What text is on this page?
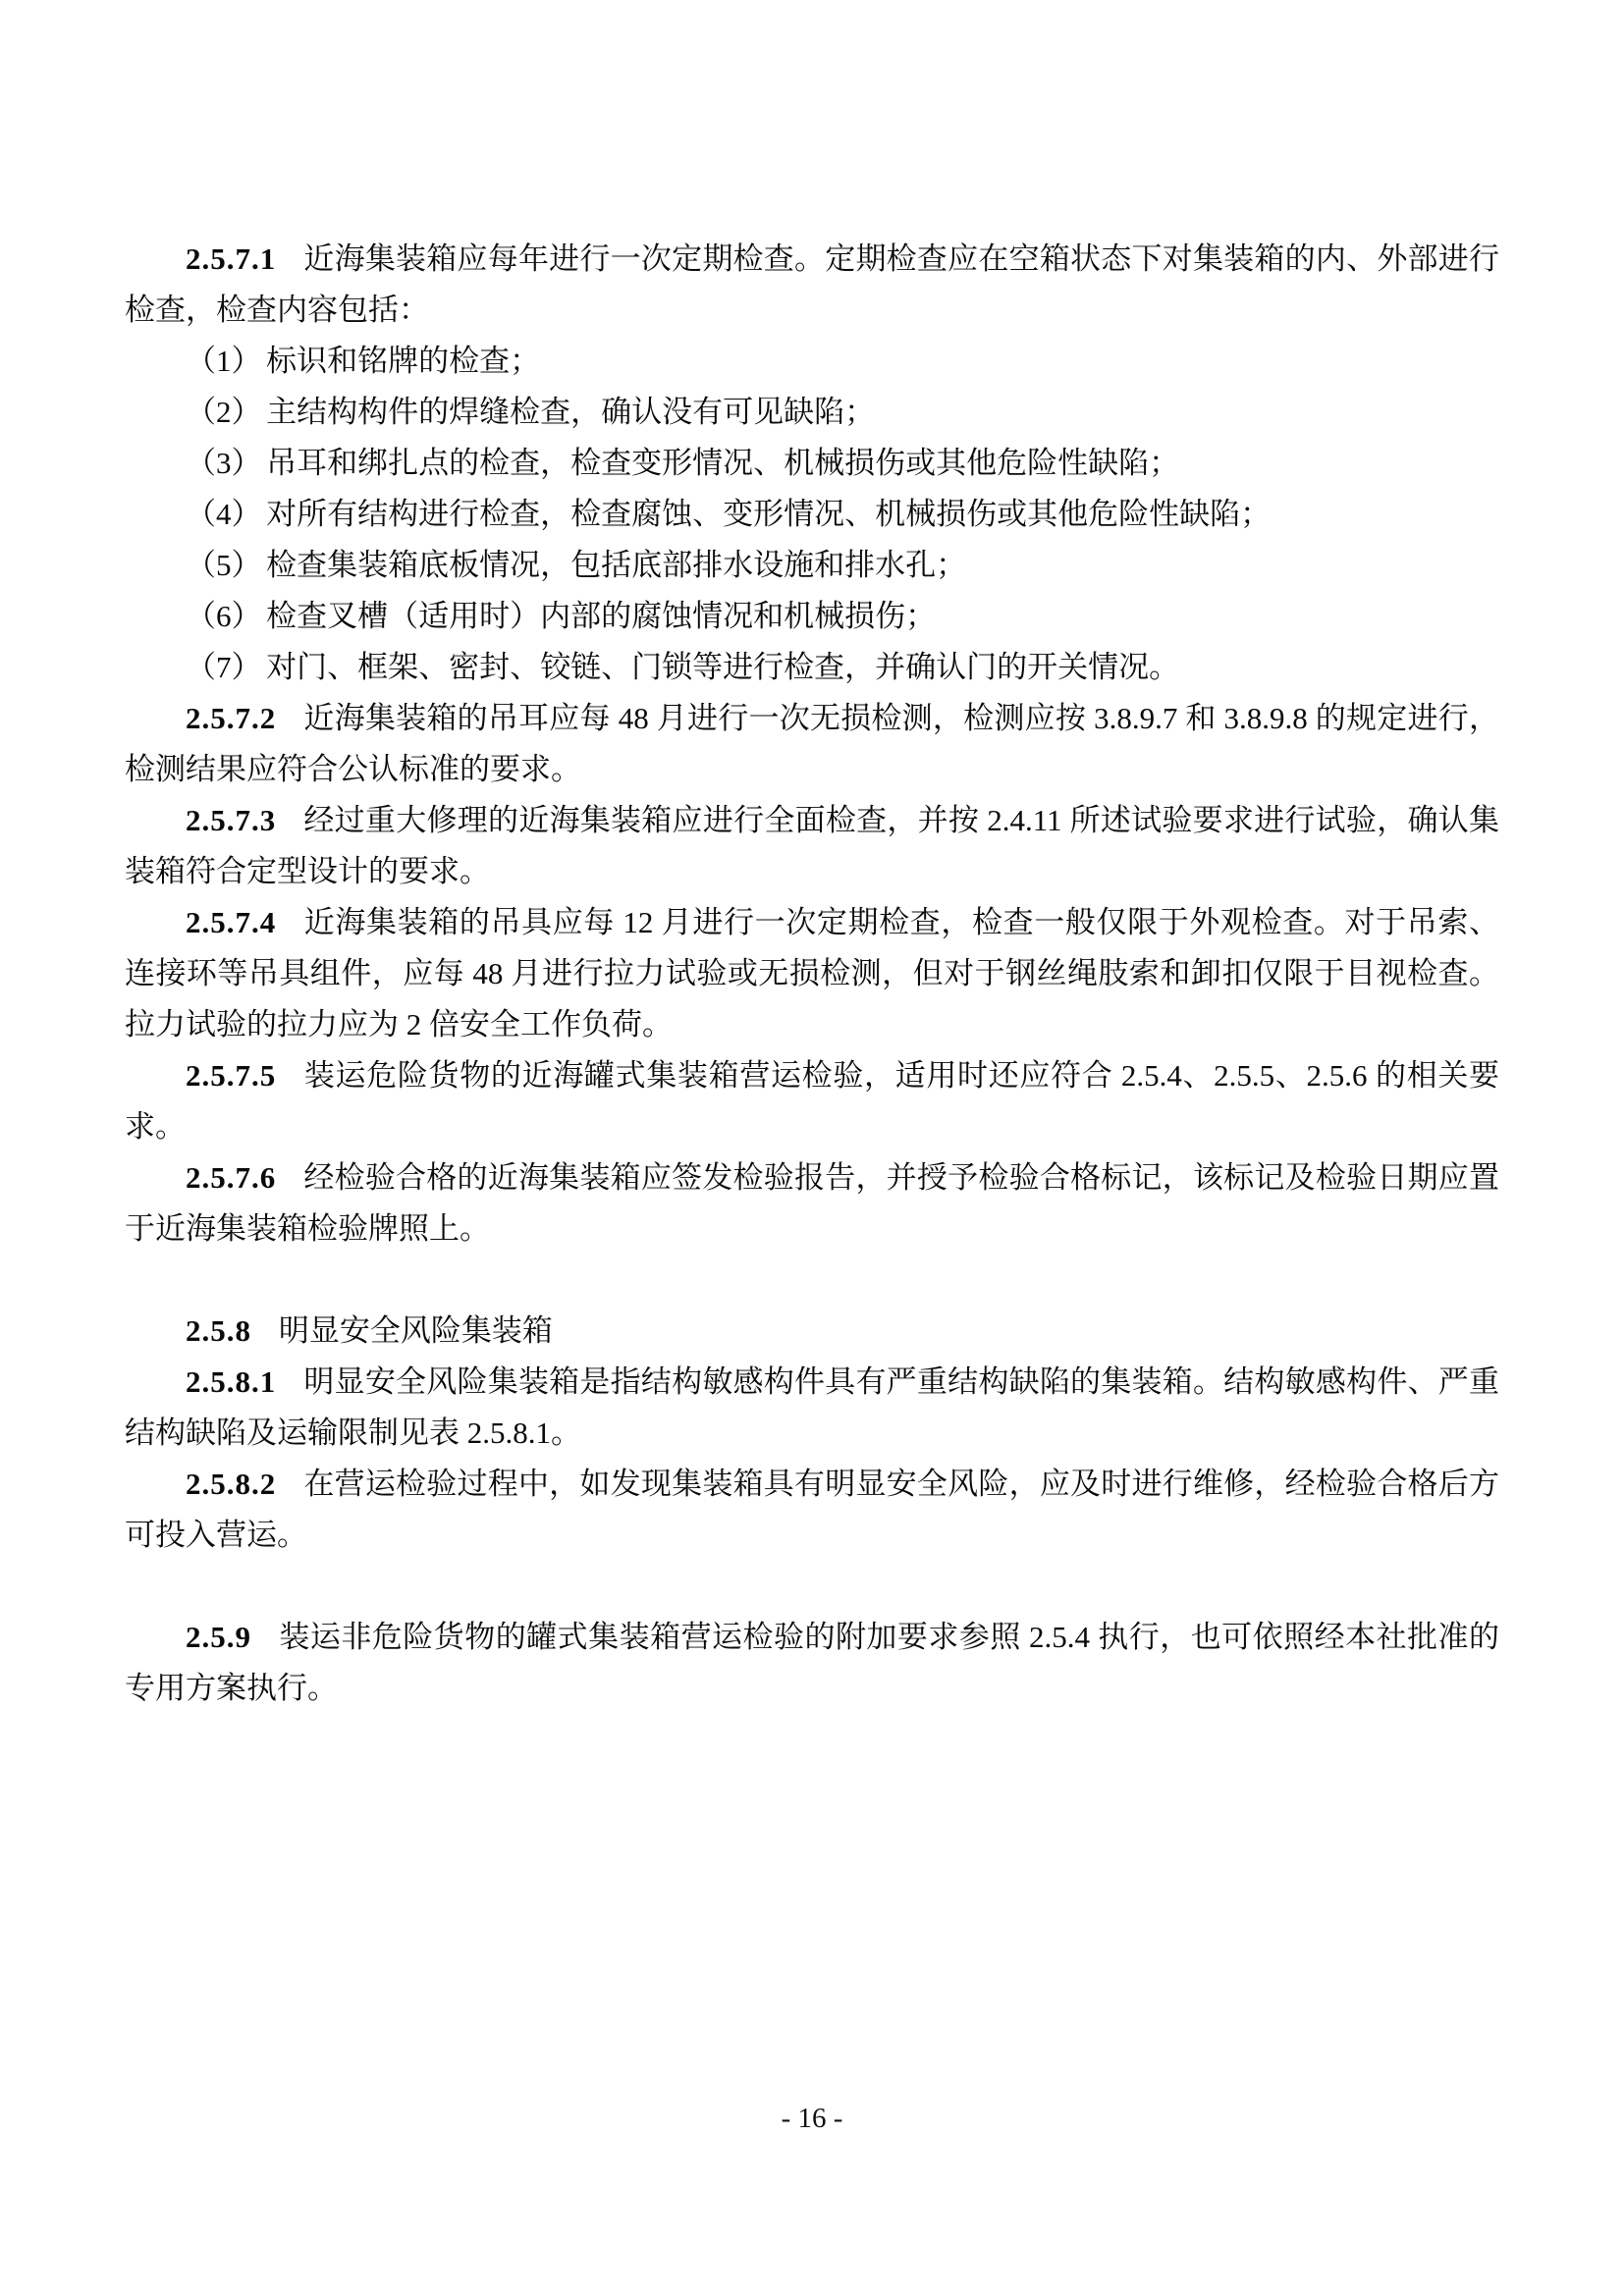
2.5.7.1 近海集装箱应每年进行一次定期检查。定期检查应在空箱状态下对集装箱的内、外部进行检查，检查内容包括：

（1） 标识和铭牌的检查；

（2） 主结构构件的焊缝检查，确认没有可见缺陷；

（3） 吊耳和绑扎点的检查，检查变形情况、机械损伤或其他危险性缺陷；

（4） 对所有结构进行检查，检查腐蚀、变形情况、机械损伤或其他危险性缺陷；

（5） 检查集装箱底板情况，包括底部排水设施和排水孔；

（6） 检查叉槽（适用时）内部的腐蚀情况和机械损伤；

（7） 对门、框架、密封、铰链、门锁等进行检查，并确认门的开关情况。

2.5.7.2 近海集装箱的吊耳应每 48 月进行一次无损检测，检测应按 3.8.9.7 和 3.8.9.8 的规定进行，检测结果应符合公认标准的要求。

2.5.7.3 经过重大修理的近海集装箱应进行全面检查，并按 2.4.11 所述试验要求进行试验，确认集装箱符合定型设计的要求。

2.5.7.4 近海集装箱的吊具应每 12 月进行一次定期检查，检查一般仅限于外观检查。对于吊索、连接环等吊具组件，应每 48 月进行拉力试验或无损检测，但对于钢丝绳肢索和卸扣仅限于目视检查。拉力试验的拉力应为 2 倍安全工作负荷。

2.5.7.5 装运危险货物的近海罐式集装箱营运检验，适用时还应符合 2.5.4、2.5.5、2.5.6 的相关要求。

2.5.7.6 经检验合格的近海集装箱应签发检验报告，并授予检验合格标记，该标记及检验日期应置于近海集装箱检验牌照上。

2.5.8 明显安全风险集装箱

2.5.8.1 明显安全风险集装箱是指结构敏感构件具有严重结构缺陷的集装箱。结构敏感构件、严重结构缺陷及运输限制见表 2.5.8.1。

2.5.8.2 在营运检验过程中，如发现集装箱具有明显安全风险，应及时进行维修，经检验合格后方可投入营运。

2.5.9 装运非危险货物的罐式集装箱营运检验的附加要求参照 2.5.4 执行，也可依照经本社批准的专用方案执行。

- 16 -
